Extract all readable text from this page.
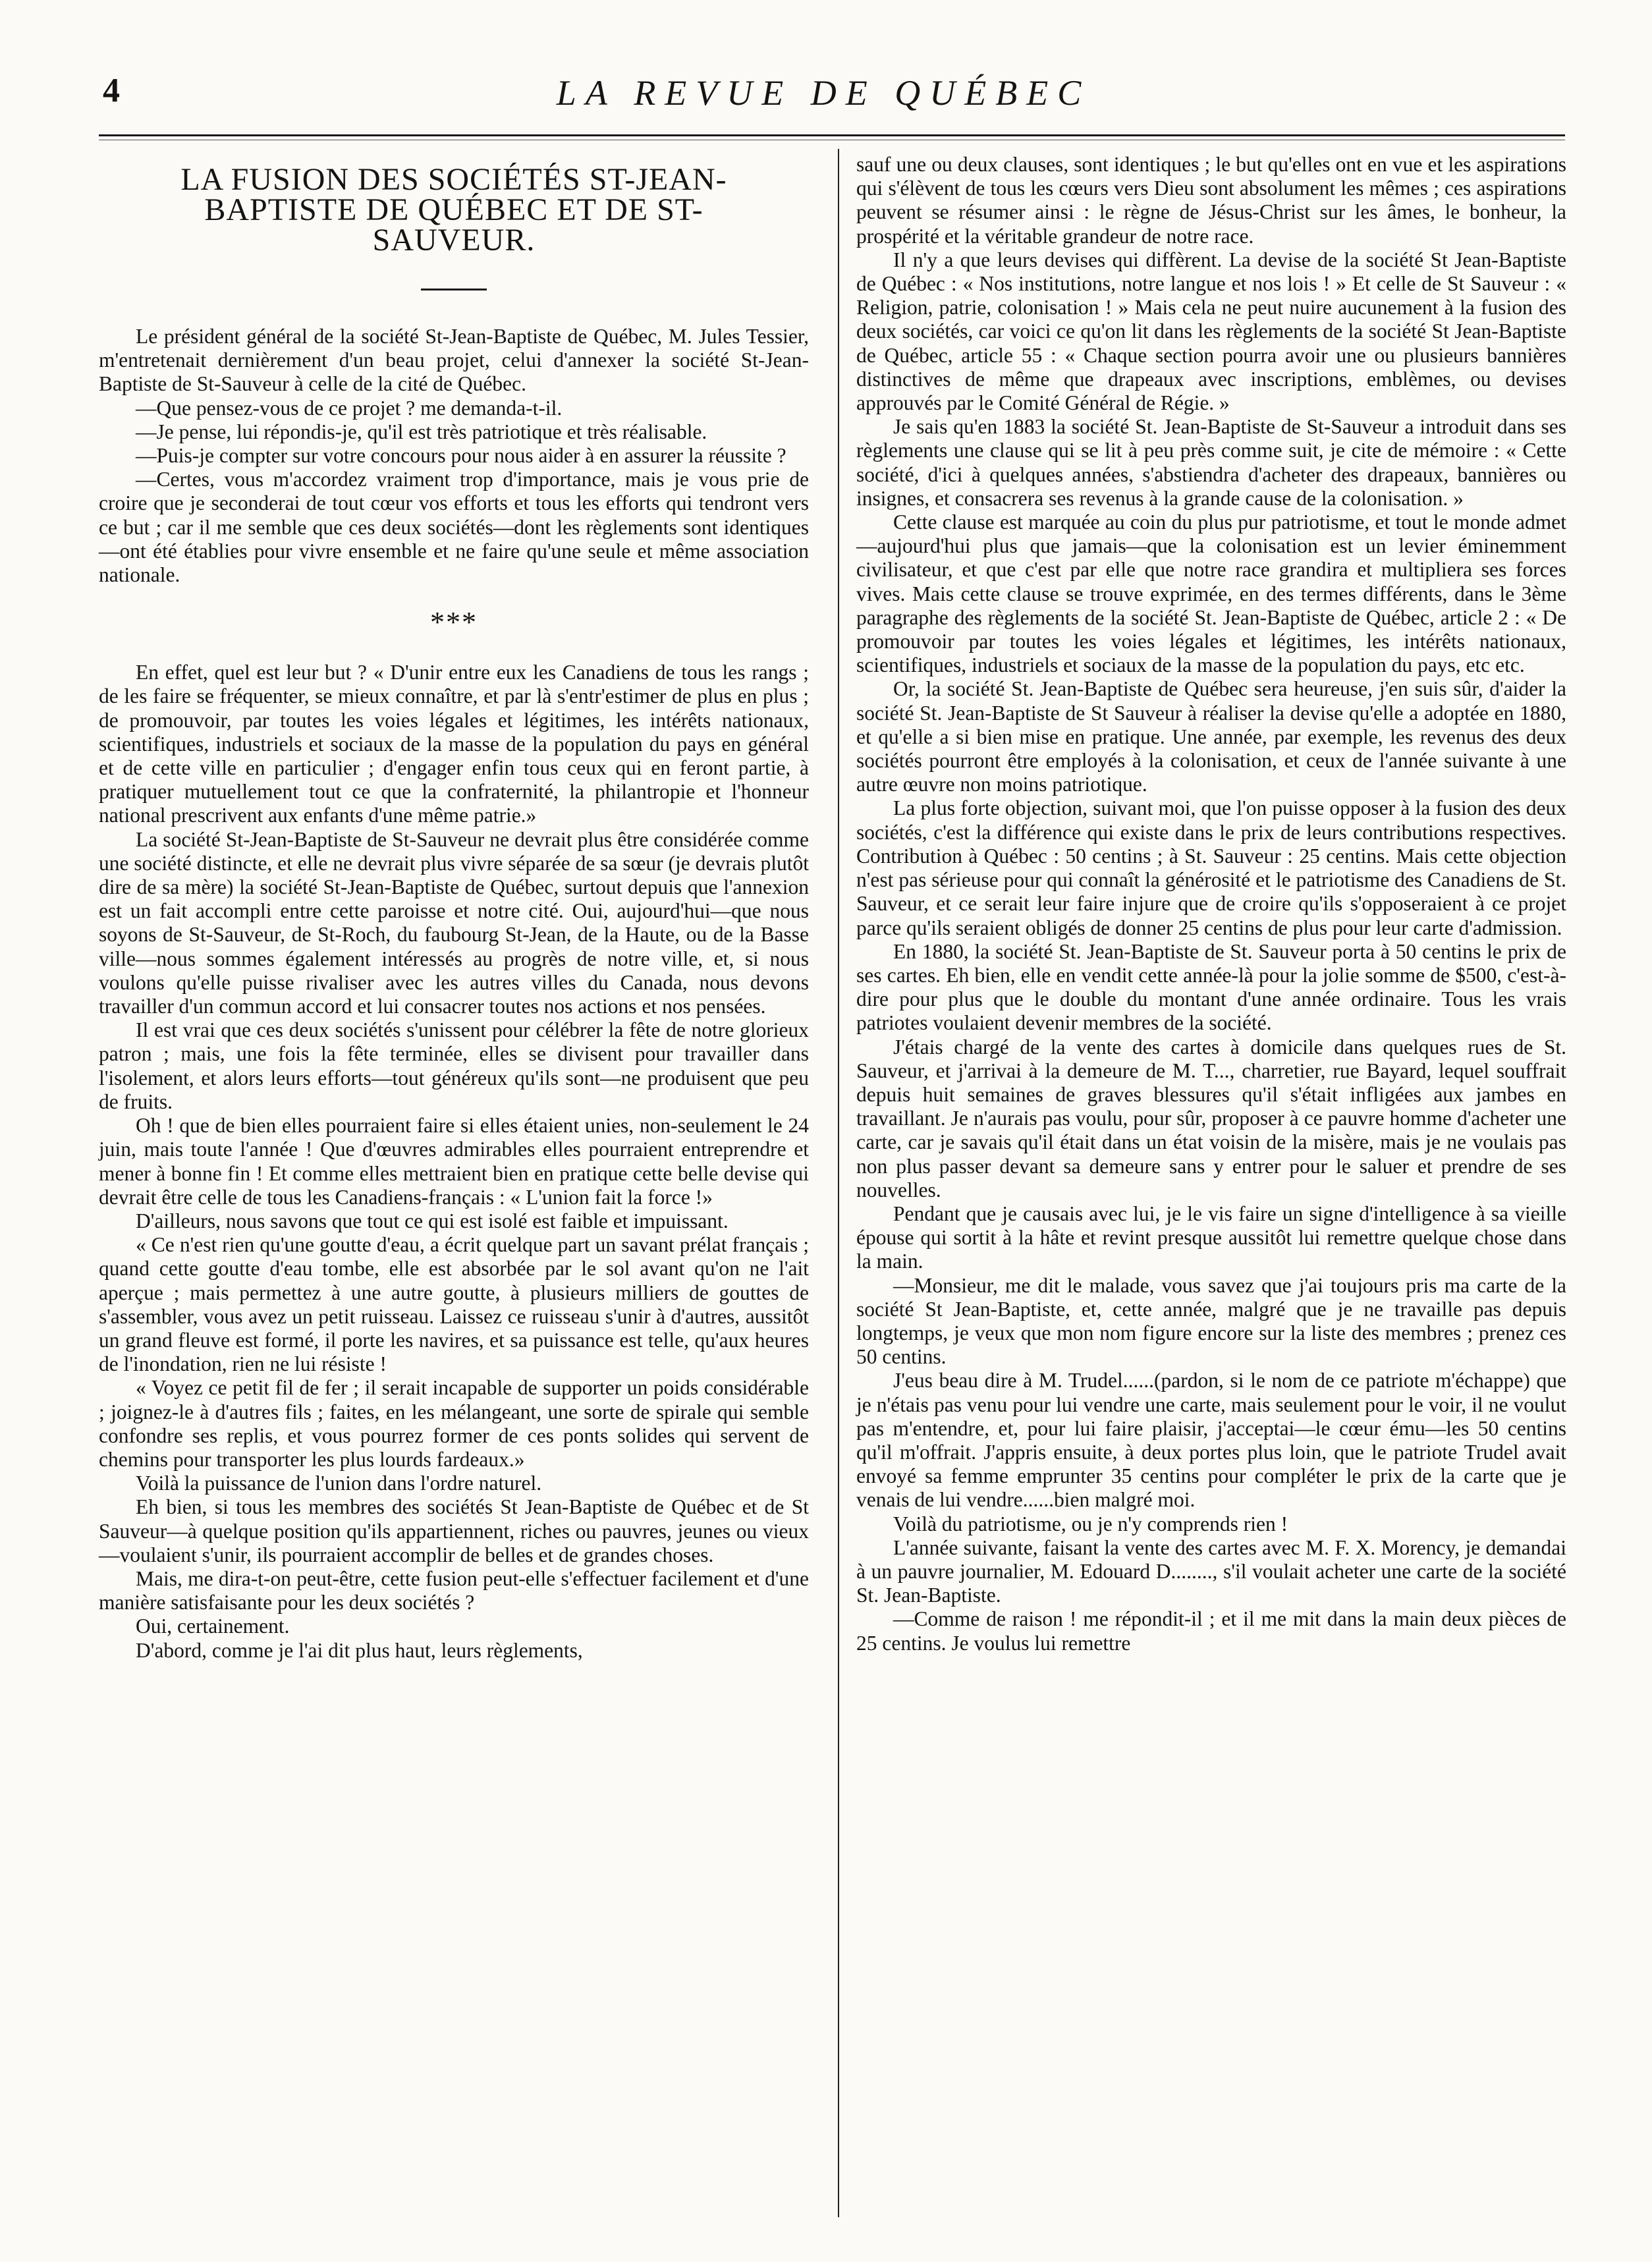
4	LA REVUE DE QUÉBEC
LA FUSION DES SOCIÉTÉS ST-JEAN-BAPTISTE DE QUÉBEC ET DE ST-SAUVEUR.

Le président général de la société St-Jean-Baptiste de Québec, M. Jules Tessier, m'entretenait dernièrement d'un beau projet, celui d'annexer la société St-Jean-Baptiste de St-Sauveur à celle de la cité de Québec.

—Que pensez-vous de ce projet ? me demanda-t-il.

—Je pense, lui répondis-je, qu'il est très patriotique et très réalisable.

—Puis-je compter sur votre concours pour nous aider à en assurer la réussite ?

—Certes, vous m'accordez vraiment trop d'importance, mais je vous prie de croire que je seconderai de tout cœur vos efforts et tous les efforts qui tendront vers ce but ; car il me semble que ces deux sociétés—dont les règlements sont identiques—ont été établies pour vivre ensemble et ne faire qu'une seule et même association nationale.

***

En effet, quel est leur but ? « D'unir entre eux les Canadiens de tous les rangs ; de les faire se fréquenter, se mieux connaître, et par là s'entr'estimer de plus en plus ; de promouvoir, par toutes les voies légales et légitimes, les intérêts nationaux, scientifiques, industriels et sociaux de la masse de la population du pays en général et de cette ville en particulier ; d'engager enfin tous ceux qui en feront partie, à pratiquer mutuellement tout ce que la confraternité, la philantropie et l'honneur national prescrivent aux enfants d'une même patrie.»

La société St-Jean-Baptiste de St-Sauveur ne devrait plus être considérée comme une société distincte, et elle ne devrait plus vivre séparée de sa sœur (je devrais plutôt dire de sa mère) la société St-Jean-Baptiste de Québec, surtout depuis que l'annexion est un fait accompli entre cette paroisse et notre cité. Oui, aujourd'hui—que nous soyons de St-Sauveur, de St-Roch, du faubourg St-Jean, de la Haute, ou de la Basse ville—nous sommes également intéressés au progrès de notre ville, et, si nous voulons qu'elle puisse rivaliser avec les autres villes du Canada, nous devons travailler d'un commun accord et lui consacrer toutes nos actions et nos pensées.

Il est vrai que ces deux sociétés s'unissent pour célébrer la fête de notre glorieux patron ; mais, une fois la fête terminée, elles se divisent pour travailler dans l'isolement, et alors leurs efforts—tout généreux qu'ils sont—ne produisent que peu de fruits.

Oh ! que de bien elles pourraient faire si elles étaient unies, non-seulement le 24 juin, mais toute l'année ! Que d'œuvres admirables elles pourraient entreprendre et mener à bonne fin ! Et comme elles mettraient bien en pratique cette belle devise qui devrait être celle de tous les Canadiens-français : « L'union fait la force !»

D'ailleurs, nous savons que tout ce qui est isolé est faible et impuissant.

« Ce n'est rien qu'une goutte d'eau, a écrit quelque part un savant prélat français ; quand cette goutte d'eau tombe, elle est absorbée par le sol avant qu'on ne l'ait aperçue ; mais permettez à une autre goutte, à plusieurs milliers de gouttes de s'assembler, vous avez un petit ruisseau. Laissez ce ruisseau s'unir à d'autres, aussitôt un grand fleuve est formé, il porte les navires, et sa puissance est telle, qu'aux heures de l'inondation, rien ne lui résiste !

« Voyez ce petit fil de fer ; il serait incapable de supporter un poids considérable ; joignez-le à d'autres fils ; faites, en les mélangeant, une sorte de spirale qui semble confondre ses replis, et vous pourrez former de ces ponts solides qui servent de chemins pour transporter les plus lourds fardeaux.»

Voilà la puissance de l'union dans l'ordre naturel.

Eh bien, si tous les membres des sociétés St Jean-Baptiste de Québec et de St Sauveur—à quelque position qu'ils appartiennent, riches ou pauvres, jeunes ou vieux—voulaient s'unir, ils pourraient accomplir de belles et de grandes choses.

Mais, me dira-t-on peut-être, cette fusion peut-elle s'effectuer facilement et d'une manière satisfaisante pour les deux sociétés ?

Oui, certainement.

D'abord, comme je l'ai dit plus haut, leurs règlements,

sauf une ou deux clauses, sont identiques ; le but qu'elles ont en vue et les aspirations qui s'élèvent de tous les cœurs vers Dieu sont absolument les mêmes ; ces aspirations peuvent se résumer ainsi : le règne de Jésus-Christ sur les âmes, le bonheur, la prospérité et la véritable grandeur de notre race.

Il n'y a que leurs devises qui diffèrent. La devise de la société St Jean-Baptiste de Québec : « Nos institutions, notre langue et nos lois ! » Et celle de St Sauveur : « Religion, patrie, colonisation ! » Mais cela ne peut nuire aucunement à la fusion des deux sociétés, car voici ce qu'on lit dans les règlements de la société St Jean-Baptiste de Québec, article 55 : « Chaque section pourra avoir une ou plusieurs bannières distinctives de même que drapeaux avec inscriptions, emblèmes, ou devises approuvés par le Comité Général de Régie. »

Je sais qu'en 1883 la société St. Jean-Baptiste de St-Sauveur a introduit dans ses règlements une clause qui se lit à peu près comme suit, je cite de mémoire : « Cette société, d'ici à quelques années, s'abstiendra d'acheter des drapeaux, bannières ou insignes, et consacrera ses revenus à la grande cause de la colonisation. »

Cette clause est marquée au coin du plus pur patriotisme, et tout le monde admet—aujourd'hui plus que jamais—que la colonisation est un levier éminemment civilisateur, et que c'est par elle que notre race grandira et multipliera ses forces vives. Mais cette clause se trouve exprimée, en des termes différents, dans le 3ème paragraphe des règlements de la société St. Jean-Baptiste de Québec, article 2 : « De promouvoir par toutes les voies légales et légitimes, les intérêts nationaux, scientifiques, industriels et sociaux de la masse de la population du pays, etc etc.

Or, la société St. Jean-Baptiste de Québec sera heureuse, j'en suis sûr, d'aider la société St. Jean-Baptiste de St Sauveur à réaliser la devise qu'elle a adoptée en 1880, et qu'elle a si bien mise en pratique. Une année, par exemple, les revenus des deux sociétés pourront être employés à la colonisation, et ceux de l'année suivante à une autre œuvre non moins patriotique.

La plus forte objection, suivant moi, que l'on puisse opposer à la fusion des deux sociétés, c'est la différence qui existe dans le prix de leurs contributions respectives. Contribution à Québec : 50 centins ; à St. Sauveur : 25 centins. Mais cette objection n'est pas sérieuse pour qui connaît la générosité et le patriotisme des Canadiens de St. Sauveur, et ce serait leur faire injure que de croire qu'ils s'opposeraient à ce projet parce qu'ils seraient obligés de donner 25 centins de plus pour leur carte d'admission.

En 1880, la société St. Jean-Baptiste de St. Sauveur porta à 50 centins le prix de ses cartes. Eh bien, elle en vendit cette année-là pour la jolie somme de $500, c'est-à-dire pour plus que le double du montant d'une année ordinaire. Tous les vrais patriotes voulaient devenir membres de la société.

J'étais chargé de la vente des cartes à domicile dans quelques rues de St. Sauveur, et j'arrivai à la demeure de M. T..., charretier, rue Bayard, lequel souffrait depuis huit semaines de graves blessures qu'il s'était infligées aux jambes en travaillant. Je n'aurais pas voulu, pour sûr, proposer à ce pauvre homme d'acheter une carte, car je savais qu'il était dans un état voisin de la misère, mais je ne voulais pas non plus passer devant sa demeure sans y entrer pour le saluer et prendre de ses nouvelles.

Pendant que je causais avec lui, je le vis faire un signe d'intelligence à sa vieille épouse qui sortit à la hâte et revint presque aussitôt lui remettre quelque chose dans la main.

—Monsieur, me dit le malade, vous savez que j'ai toujours pris ma carte de la société St Jean-Baptiste, et, cette année, malgré que je ne travaille pas depuis longtemps, je veux que mon nom figure encore sur la liste des membres ; prenez ces 50 centins.

J'eus beau dire à M. Trudel......(pardon, si le nom de ce patriote m'échappe) que je n'étais pas venu pour lui vendre une carte, mais seulement pour le voir, il ne voulut pas m'entendre, et, pour lui faire plaisir, j'acceptai—le cœur ému—les 50 centins qu'il m'offrait. J'appris ensuite, à deux portes plus loin, que le patriote Trudel avait envoyé sa femme emprunter 35 centins pour compléter le prix de la carte que je venais de lui vendre......bien malgré moi.

Voilà du patriotisme, ou je n'y comprends rien !

L'année suivante, faisant la vente des cartes avec M. F. X. Morency, je demandai à un pauvre journalier, M. Edouard D........, s'il voulait acheter une carte de la société St. Jean-Baptiste.

—Comme de raison ! me répondit-il ; et il me mit dans la main deux pièces de 25 centins. Je voulus lui remettre
